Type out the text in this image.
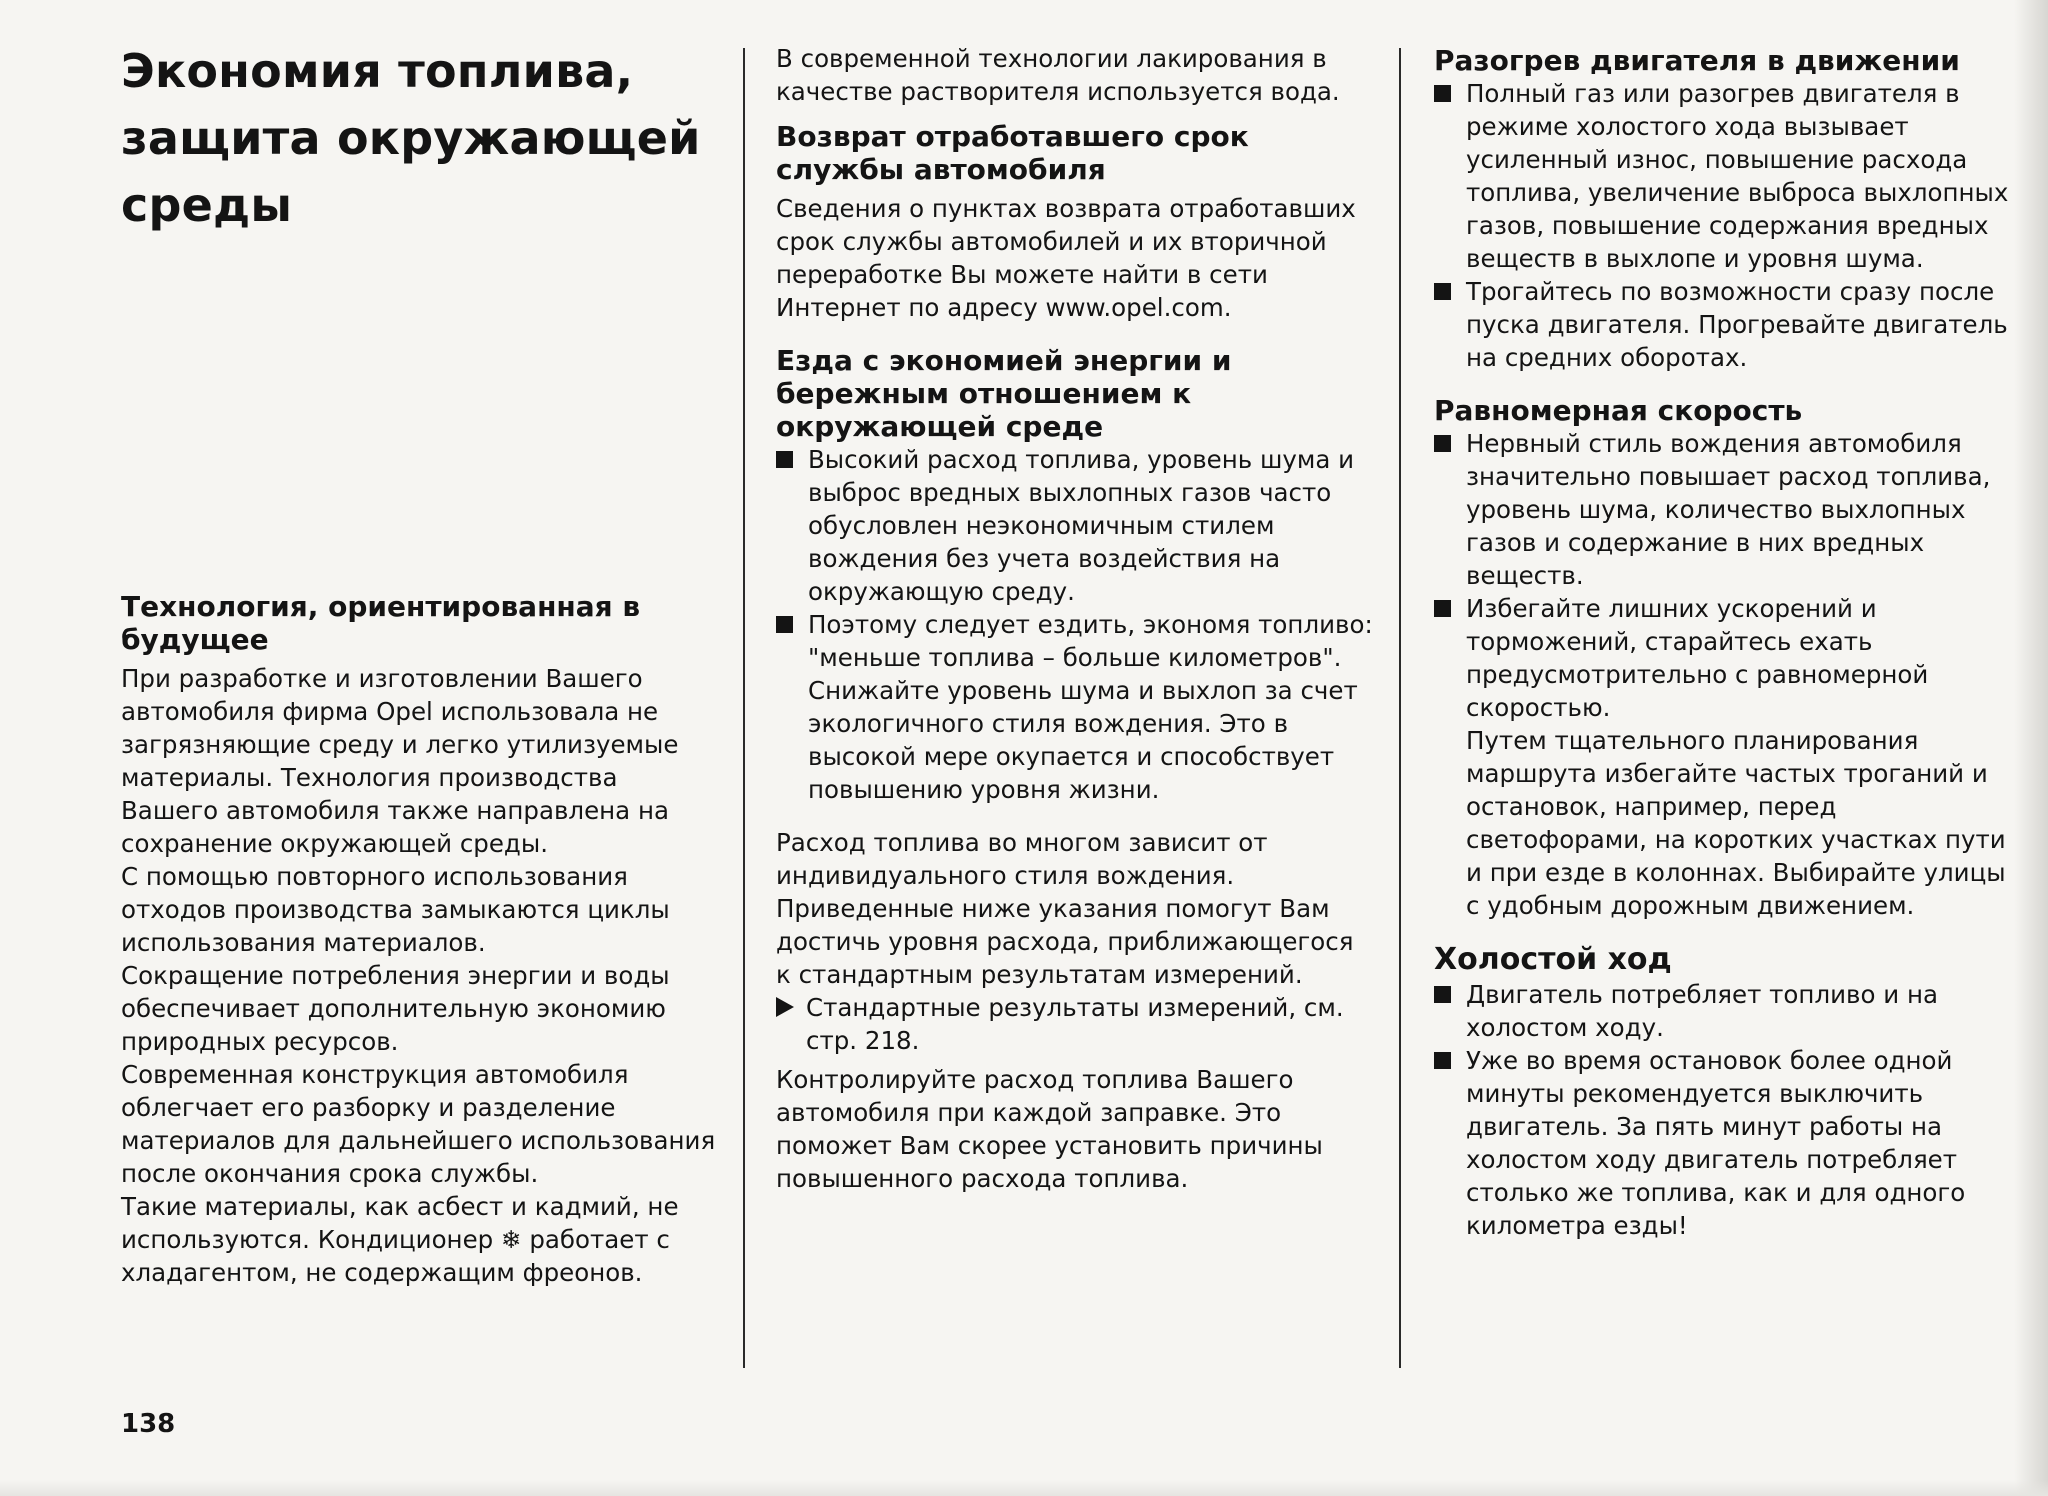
Экономия топлива,
защита окружающей
среды
Технология, ориентированная в будущее

При разработке и изготовлении Вашего автомобиля фирма Opel использовала не загрязняющие среду и легко утилизуемые материалы. Технология производства Вашего автомобиля также направлена на сохранение окружающей среды.

С помощью повторного использования отходов производства замыкаются циклы использования материалов.

Сокращение потребления энергии и воды обеспечивает дополнительную экономию природных ресурсов.

Современная конструкция автомобиля облегчает его разборку и разделение материалов для дальнейшего использования после окончания срока службы.

Такие материалы, как асбест и кадмий, не используются. Кондиционер ❄ работает с хладагентом, не содержащим фреонов.

138

В современной технологии лакирования в качестве растворителя используется вода.

Возврат отработавшего срок службы автомобиля

Сведения о пунктах возврата отработавших срок службы автомобилей и их вторичной переработке Вы можете найти в сети Интернет по адресу www.opel.com.

Езда с экономией энергии и бережным отношением к окружающей среде
Высокий расход топлива, уровень шума и выброс вредных выхлопных газов часто обусловлен неэкономичным стилем вождения без учета воздействия на окружающую среду.
Поэтому следует ездить, экономя топливо:

"меньше топлива – больше километров".

Снижайте уровень шума и выхлоп за счет экологичного стиля вождения. Это в высокой мере окупается и способствует повышению уровня жизни.

Расход топлива во многом зависит от индивидуального стиля вождения. Приведенные ниже указания помогут Вам достичь уровня расхода, приближающегося к стандартным результатам измерений.

Стандартные результаты измерений, см. стр. 218.

Контролируйте расход топлива Вашего автомобиля при каждой заправке. Это поможет Вам скорее установить причины повышенного расхода топлива.

Разогрев двигателя в движении
Полный газ или разогрев двигателя в режиме холостого хода вызывает усиленный износ, повышение расхода топлива, увеличение выброса выхлопных газов, повышение содержания вредных веществ в выхлопе и уровня шума.
Трогайтесь по возможности сразу после пуска двигателя. Прогревайте двигатель на средних оборотах.
Равномерная скорость
Нервный стиль вождения автомобиля значительно повышает расход топлива, уровень шума, количество выхлопных газов и содержание в них вредных веществ.
Избегайте лишних ускорений и торможений, старайтесь ехать предусмотрительно с равномерной скоростью.

Путем тщательного планирования маршрута избегайте частых троганий и остановок, например, перед светофорами, на коротких участках пути и при езде в колоннах. Выбирайте улицы с удобным дорожным движением.

Холостой ход
Двигатель потребляет топливо и на холостом ходу.
Уже во время остановок более одной минуты рекомендуется выключить двигатель. За пять минут работы на холостом ходу двигатель потребляет столько же топлива, как и для одного километра езды!
